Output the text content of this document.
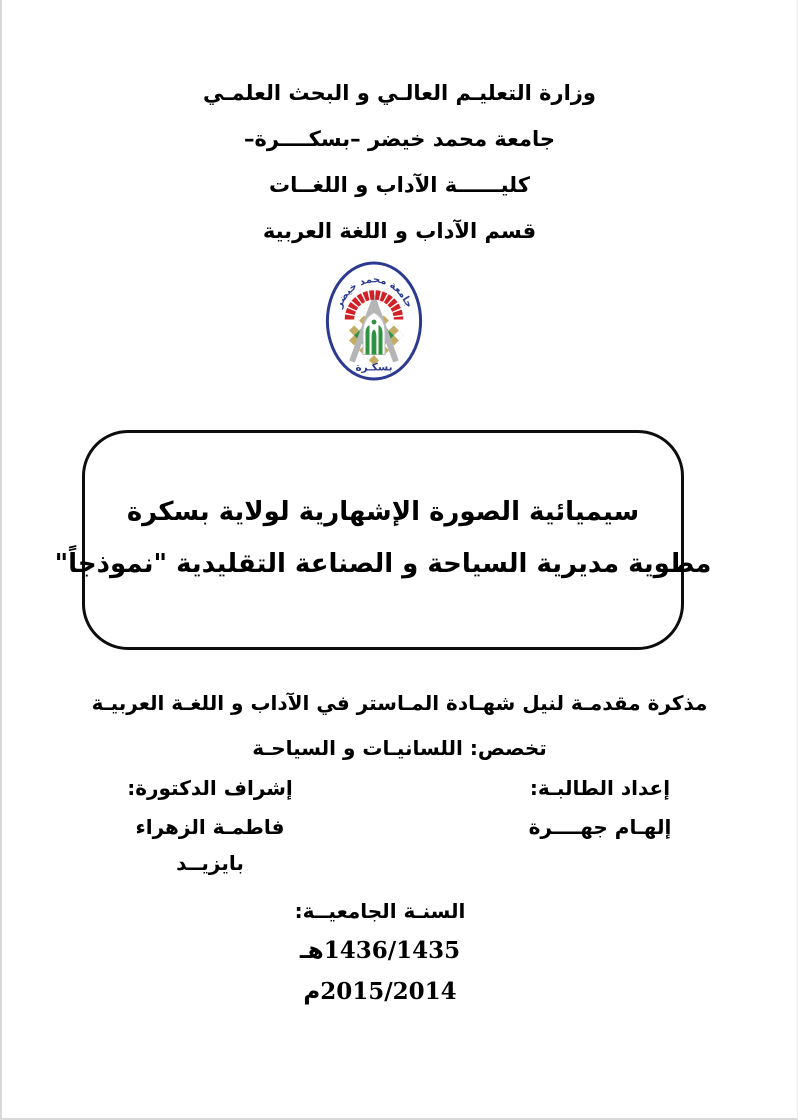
وزارة التعليـم العالـي و البحث العلمـي
جامعة محمد خيضر –بسكــــرة–
كليــــــة الآداب و اللغــات
قسم الآداب و اللغة العربية
جامعة محمد خيضر
بسكـرة
سيميائية الصورة الإشهارية لولاية بسكرة
مطوية مديرية السياحة و الصناعة التقليدية "نموذجاً"
مذكرة مقدمـة لنيل شهـادة المـاستر في الآداب و اللغـة العربيـة
تخصص: اللسانيـات و السياحـة
إعداد الطالبـة:
إلهـام جهــــرة
إشراف الدكتورة:
فاطمـة الزهراء بايزيــد
السنـة الجامعيــة:
1436/1435هـ
2015/2014م
